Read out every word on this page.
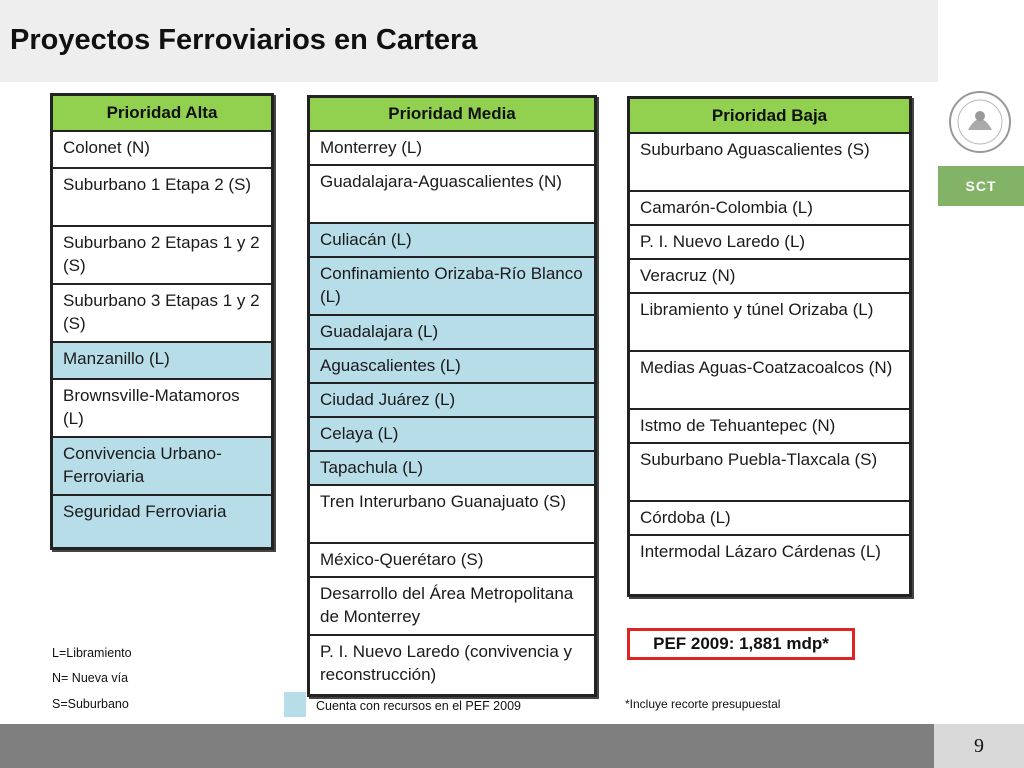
Proyectos Ferroviarios en Cartera
SCT
Prioridad Alta
Colonet (N)
Suburbano 1 Etapa 2 (S)
Suburbano 2 Etapas 1 y 2 (S)
Suburbano 3 Etapas 1 y 2 (S)
Manzanillo (L)
Brownsville-Matamoros (L)
Convivencia Urbano-Ferroviaria
Seguridad Ferroviaria
Prioridad Media
Monterrey (L)
Guadalajara-Aguascalientes (N)
Culiacán (L)
Confinamiento Orizaba-Río Blanco (L)
Guadalajara (L)
Aguascalientes (L)
Ciudad Juárez (L)
Celaya (L)
Tapachula (L)
Tren Interurbano Guanajuato (S)
México-Querétaro (S)
Desarrollo del Área Metropolitana de Monterrey
P. I. Nuevo Laredo (convivencia y reconstrucción)
Prioridad Baja
Suburbano Aguascalientes (S)
Camarón-Colombia (L)
P. I. Nuevo Laredo (L)
Veracruz (N)
Libramiento y túnel Orizaba (L)
Medias Aguas-Coatzacoalcos (N)
Istmo de Tehuantepec (N)
Suburbano Puebla-Tlaxcala (S)
Córdoba (L)
Intermodal Lázaro Cárdenas (L)
L=Libramiento
N= Nueva vía
S=Suburbano	Cuenta con recursos en el PEF 2009
PEF 2009: 1,881 mdp*
*Incluye recorte presupuestal
9
